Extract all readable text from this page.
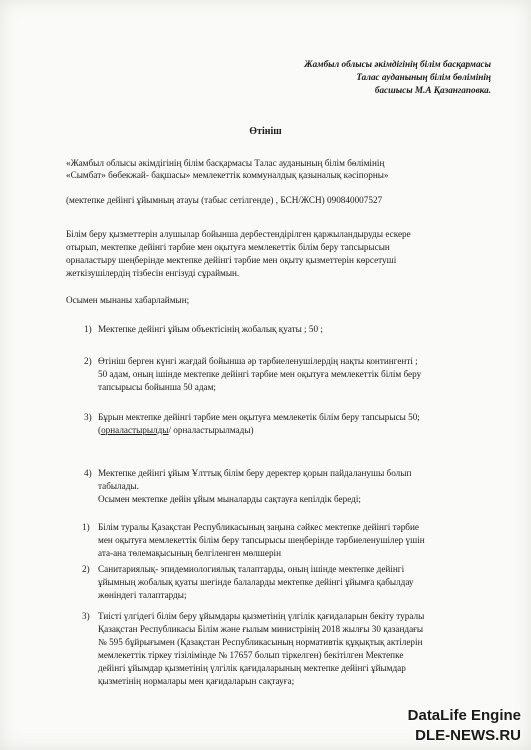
Жамбыл облысы әкімдігінің білім басқармасы
Талас ауданының білім бөлімінің
басшысы М.А Қазангаповка.
Өтініш
«Жамбыл облысы әкімдігінің білім басқармасы Талас ауданының білім бөлімінің
«Сымбат» бөбекжай- бақшасы» мемлекеттік коммуналдық қазыналық кәсіпорны»
(мектепке дейінгі ұйымның атауы (табыс сетілгенде) , БСН/ЖСН) 090840007527
Білім беру қызметтерін алушылар бойынша дербестендірілген қаржыландыруды ескере
отырып, мектепке дейінгі тәрбие мен оқытуға мемлекеттік білім беру тапсырысын
орналастыру шеңберінде мектепке дейінгі тәрбие мен оқыту қызметтерін көрсетуші
жеткізушілердің тізбесін енгізуді сұраймын.
Осымен мынаны хабарлаймын;
1) Мектепке дейінгі ұйым объектісінің жобалық қуаты ; 50 ;
2) Өтініш берген күнгі жағдай бойынша әр тәрбиеленушілердің нақты контингенті ;
50 адам, оның ішінде мектепке дейінгі тәрбие мен оқытуға мемлекеттік білім беру
тапсырысы бойынша 50 адам;
3) Бұрын мектепке дейінгі тәрбие мен оқытуға мемлекетік білім беру тапсырысы 50;
(орналастырылды/ орналастырылмады)
4) Мектепке дейінгі ұйым Ұлттық білім беру деректер қорын пайдаланушы болып
табылады.
Осымен мектепке дейін ұйым мыналарды сақтауға кепілдік береді;
1) Білім туралы Қазақстан Республикасының заңына сәйкес мектепке дейінгі тәрбие
мен оқытуға мемлекеттік білім беру тапсырысы шеңберінде тәрбиеленушілер үшін
ата-ана төлемақысының белгіленген мөлшерін
2) Санитариялық- эпидемиологиялық талаптарды, оның ішінде мектепке дейінгі
ұйымның жобалық қуаты шегінде балаларды мектепке дейінгі ұйымға қабылдау
жөніндегі талаптарды;
3) Тиісті үлгідегі білім беру ұйымдары қызметінің үлгілік қағидаларын бекіту туралы
Қазақстан Республикасы Білім және ғылым министрінің 2018 жылғы 30 қазандағы
№ 595 бұйрығымен (Қазақстан Республикасының нормативтік құқықтық актілерін
мемлекеттік тіркеу тізілімінде № 17657 болып тіркелген) бекітілген Мектепке
дейінгі ұйымдар қызметінің үлгілік қағидаларының мектепке дейінгі ұйымдар
қызметінің нормалары мен қағидаларын сақтауға;
DataLife Engine
DLE-NEWS.RU
